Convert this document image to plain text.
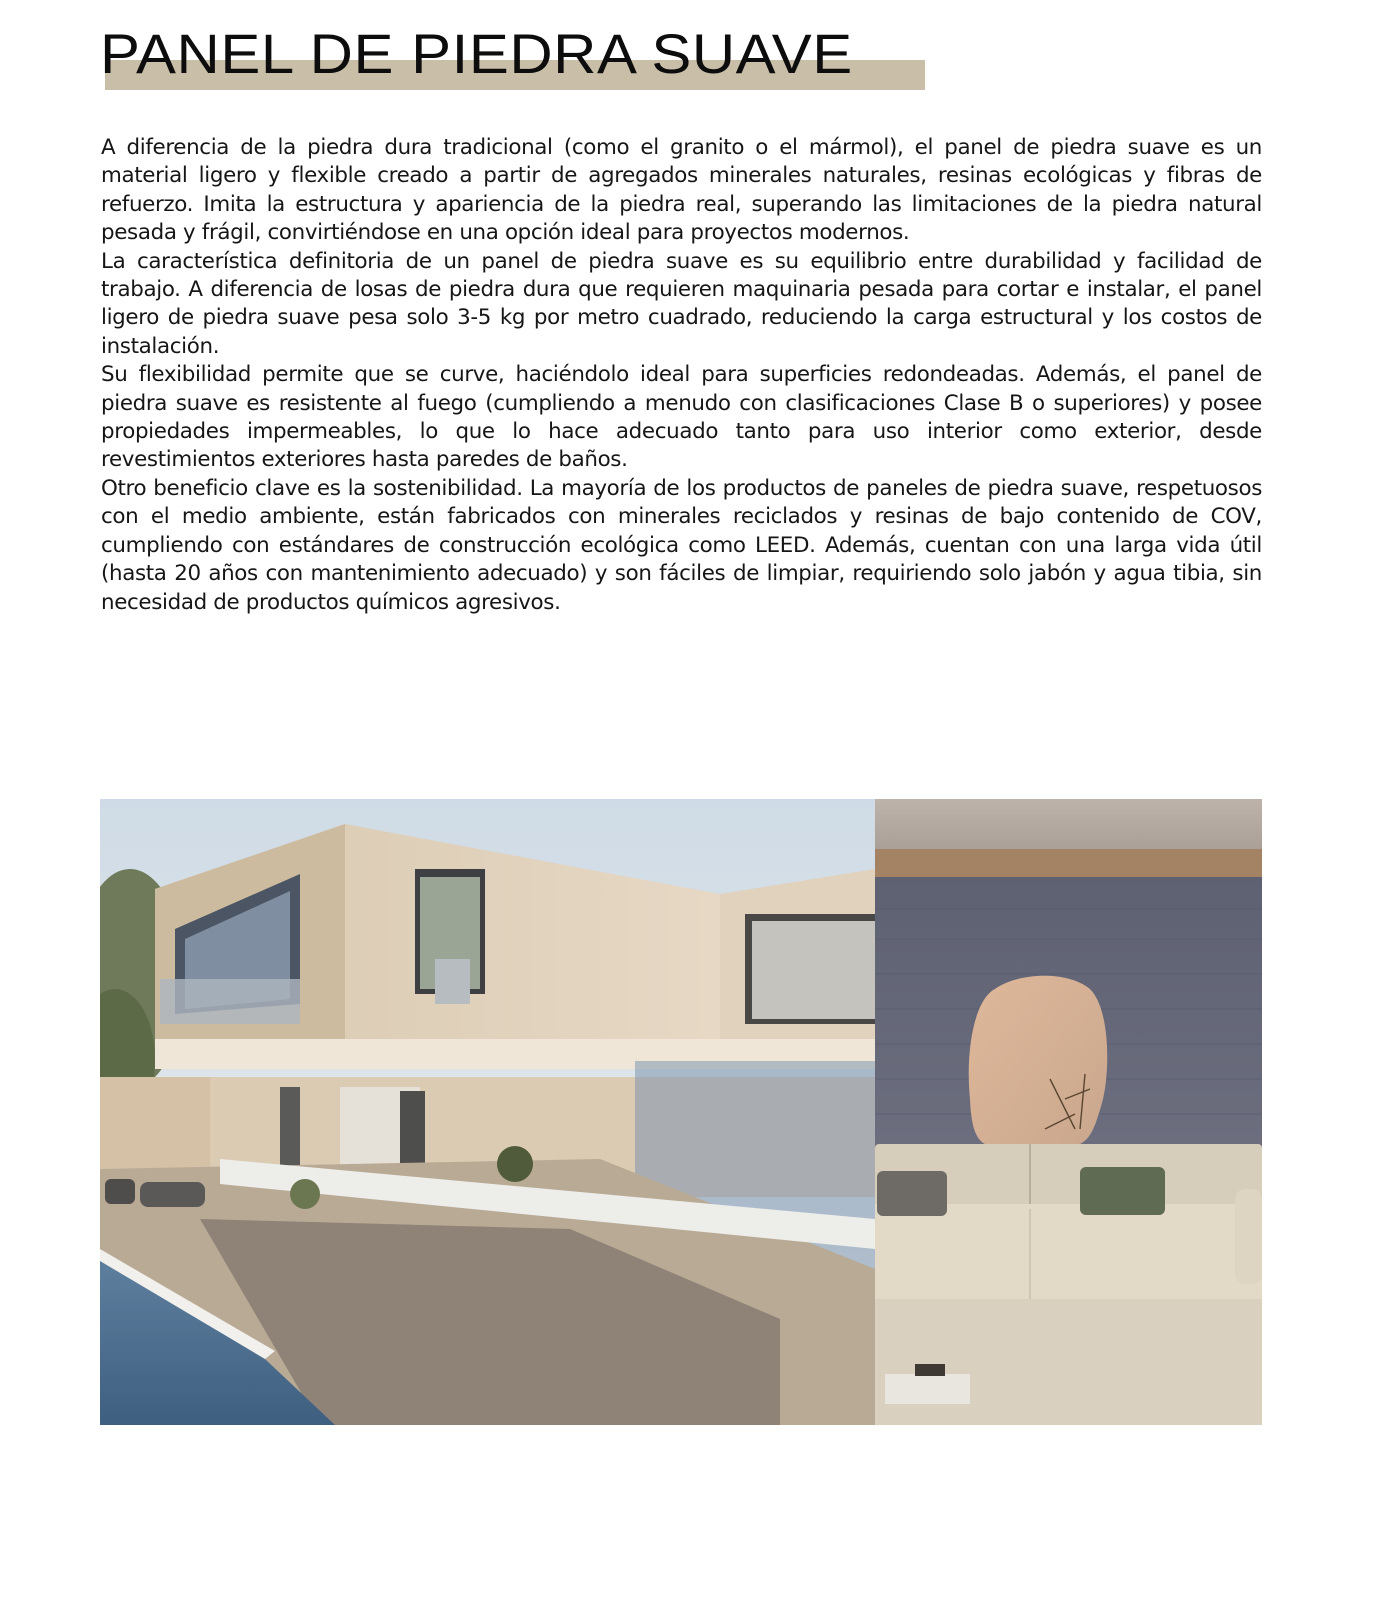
PANEL DE PIEDRA SUAVE

A diferencia de la piedra dura tradicional (como el granito o el mármol), el panel de piedra suave es un material ligero y flexible creado a partir de agregados minerales naturales, resinas ecológicas y fibras de refuerzo. Imita la estructura y apariencia de la piedra real, superando las limitaciones de la piedra natural pesada y frágil, convirtiéndose en una opción ideal para proyectos modernos.

La característica definitoria de un panel de piedra suave es su equilibrio entre durabilidad y facilidad de trabajo. A diferencia de losas de piedra dura que requieren maquinaria pesada para cortar e instalar, el panel ligero de piedra suave pesa solo 3-5 kg por metro cuadrado, reduciendo la carga estructural y los costos de instalación.

Su flexibilidad permite que se curve, haciéndolo ideal para superficies redondeadas. Además, el panel de piedra suave es resistente al fuego (cumpliendo a menudo con clasificaciones Clase B o superiores) y posee propiedades impermeables, lo que lo hace adecuado tanto para uso interior como exterior, desde revestimientos exteriores hasta paredes de baños.

Otro beneficio clave es la sostenibilidad. La mayoría de los productos de paneles de piedra suave, respetuosos con el medio ambiente, están fabricados con minerales reciclados y resinas de bajo contenido de COV, cumpliendo con estándares de construcción ecológica como LEED. Además, cuentan con una larga vida útil (hasta 20 años con mantenimiento adecuado) y son fáciles de limpiar, requiriendo solo jabón y agua tibia, sin necesidad de productos químicos agresivos.
